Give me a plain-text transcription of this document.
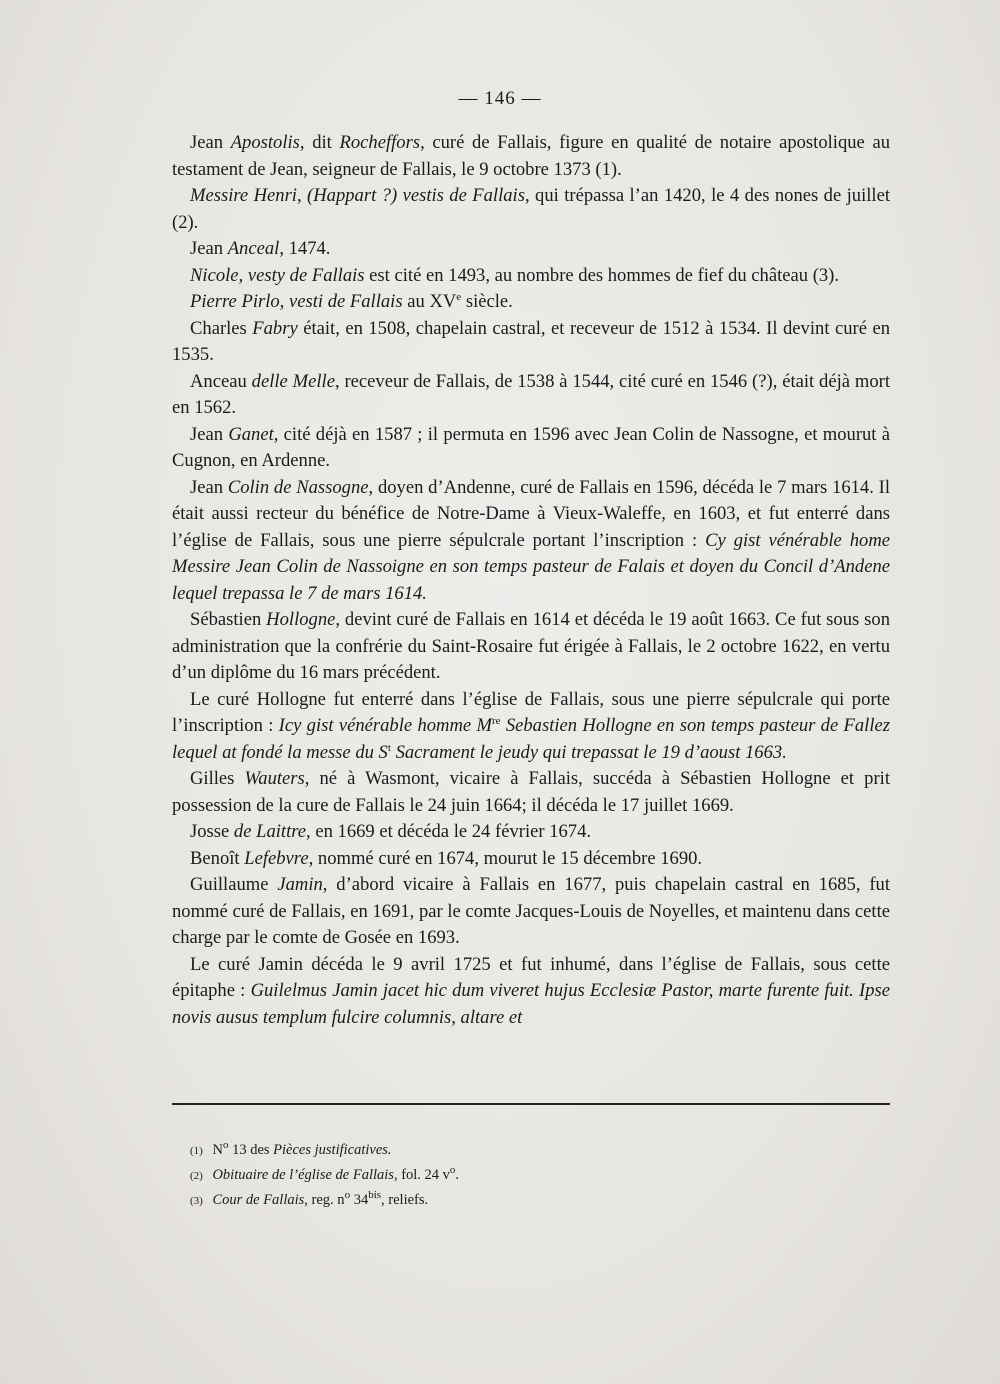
— 146 —

Jean Apostolis, dit Rocheffors, curé de Fallais, figure en qualité de notaire apostolique au testament de Jean, seigneur de Fallais, le 9 octobre 1373 (1).

Messire Henri, (Happart ?) vestis de Fallais, qui trépassa l’an 1420, le 4 des nones de juillet (2).

Jean Anceal, 1474.

Nicole, vesty de Fallais est cité en 1493, au nombre des hommes de fief du château (3).

Pierre Pirlo, vesti de Fallais au XVe siècle.

Charles Fabry était, en 1508, chapelain castral, et receveur de 1512 à 1534. Il devint curé en 1535.

Anceau delle Melle, receveur de Fallais, de 1538 à 1544, cité curé en 1546 (?), était déjà mort en 1562.

Jean Ganet, cité déjà en 1587 ; il permuta en 1596 avec Jean Colin de Nassogne, et mourut à Cugnon, en Ardenne.

Jean Colin de Nassogne, doyen d’Andenne, curé de Fallais en 1596, décéda le 7 mars 1614. Il était aussi recteur du bénéfice de Notre-Dame à Vieux-Waleffe, en 1603, et fut enterré dans l’église de Fallais, sous une pierre sépulcrale portant l’inscription : Cy gist vénérable home Messire Jean Colin de Nassoigne en son temps pasteur de Falais et doyen du Concil d’Andene lequel trepassa le 7 de mars 1614.

Sébastien Hollogne, devint curé de Fallais en 1614 et décéda le 19 août 1663. Ce fut sous son administration que la confrérie du Saint-Rosaire fut érigée à Fallais, le 2 octobre 1622, en vertu d’un diplôme du 16 mars précédent.

Le curé Hollogne fut enterré dans l’église de Fallais, sous une pierre sépulcrale qui porte l’inscription : Icy gist vénérable homme Mre Sebastien Hollogne en son temps pasteur de Fallez lequel at fondé la messe du $S^t$ Sacrament le jeudy qui trepassat le 19 d’aoust 1663.

Gilles Wauters, né à Wasmont, vicaire à Fallais, succéda à Sébastien Hollogne et prit possession de la cure de Fallais le 24 juin 1664; il décéda le 17 juillet 1669.

Josse de Laittre, en 1669 et décéda le 24 février 1674.

Benoît Lefebvre, nommé curé en 1674, mourut le 15 décembre 1690.

Guillaume Jamin, d’abord vicaire à Fallais en 1677, puis chapelain castral en 1685, fut nommé curé de Fallais, en 1691, par le comte Jacques-Louis de Noyelles, et maintenu dans cette charge par le comte de Gosée en 1693.

Le curé Jamin décéda le 9 avril 1725 et fut inhumé, dans l’église de Fallais, sous cette épitaphe : Guilelmus Jamin jacet hic dum viveret hujus Ecclesiæ Pastor, marte furente fuit. Ipse novis ausus templum fulcire columnis, altare et

(1) $N^o$ 13 des Pièces justificatives.
(2) Obituaire de l’église de Fallais, fol. 24 $v^o$.
(3) Cour de Fallais, reg. $n^o$ $34^{bis}$, reliefs.
